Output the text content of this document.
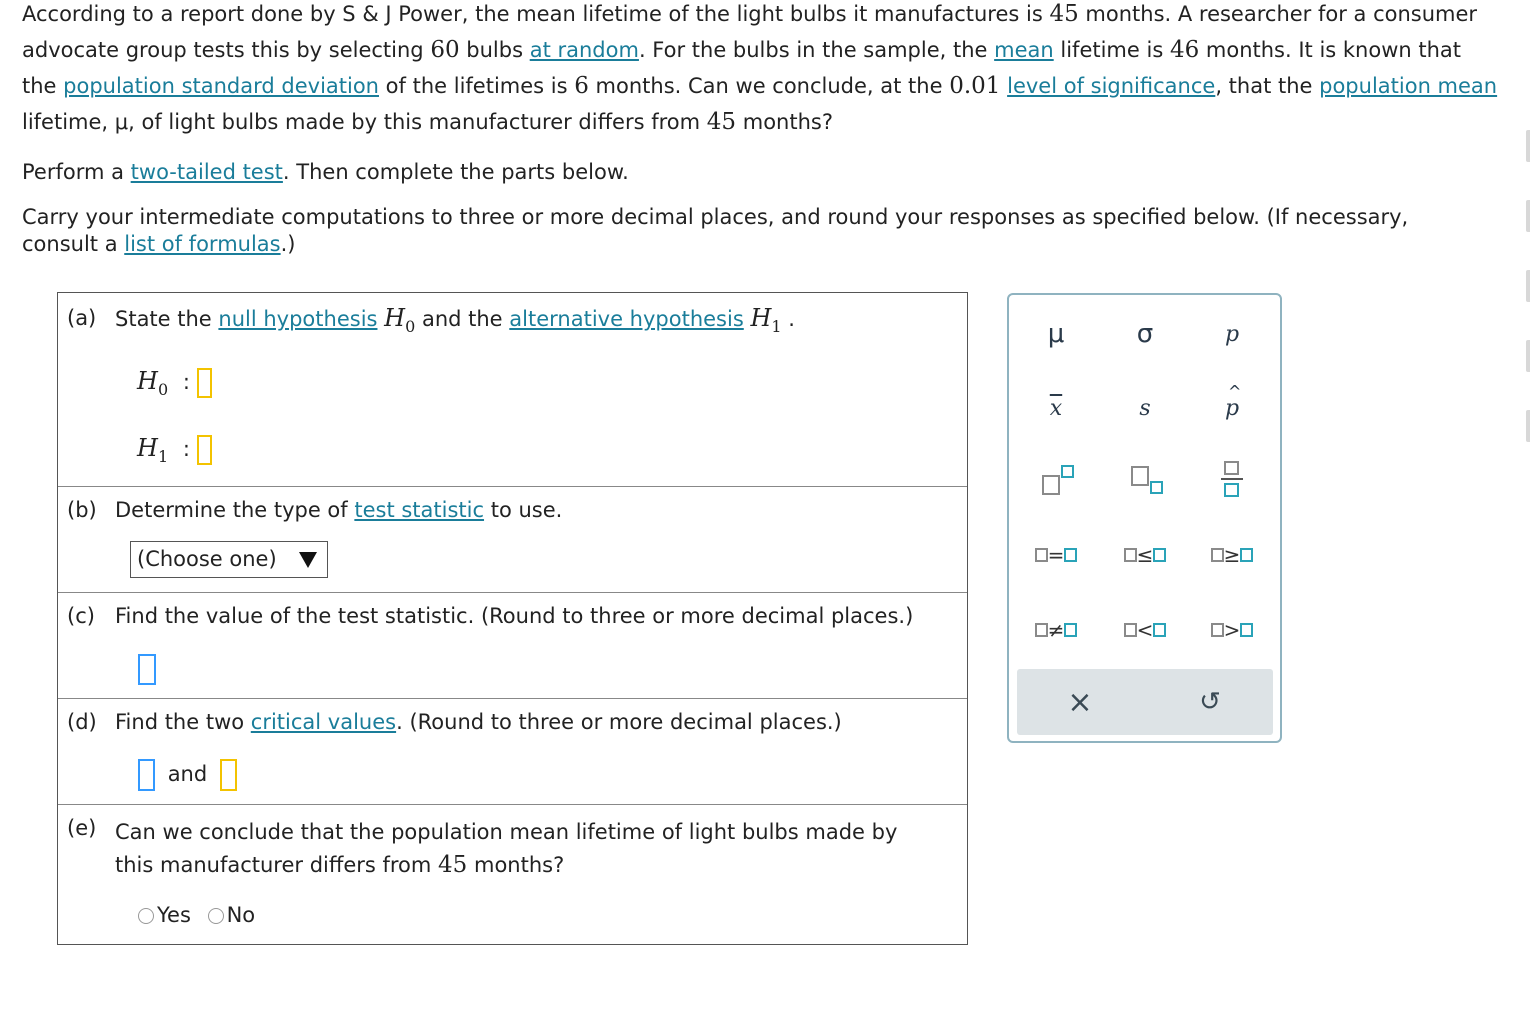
According to a report done by S & J Power, the mean lifetime of the light bulbs it manufactures is 45 months. A researcher for a consumer advocate group tests this by selecting 60 bulbs at random. For the bulbs in the sample, the mean lifetime is 46 months. It is known that the population standard deviation of the lifetimes is 6 months. Can we conclude, at the 0.01 level of significance, that the population mean lifetime, μ, of light bulbs made by this manufacturer differs from 45 months?
Perform a two-tailed test. Then complete the parts below.
Carry your intermediate computations to three or more decimal places, and round your responses as specified below. (If necessary, consult a list of formulas.)
(a) State the null hypothesis $H_0$ and the alternative hypothesis $H_1$ .
$H_0$ :
$H_1$ :
(b) Determine the type of test statistic to use.
(Choose one)
(c) Find the value of the test statistic. (Round to three or more decimal places.)
(d) Find the two critical values. (Round to three or more decimal places.)
and
(e) Can we conclude that the population mean lifetime of light bulbs made by
this manufacturer differs from 45 months?
Yes No
μ	σ	p
$\overline{x}$	s
^
p
=	≤	≥
≠	<	>
×	↺
